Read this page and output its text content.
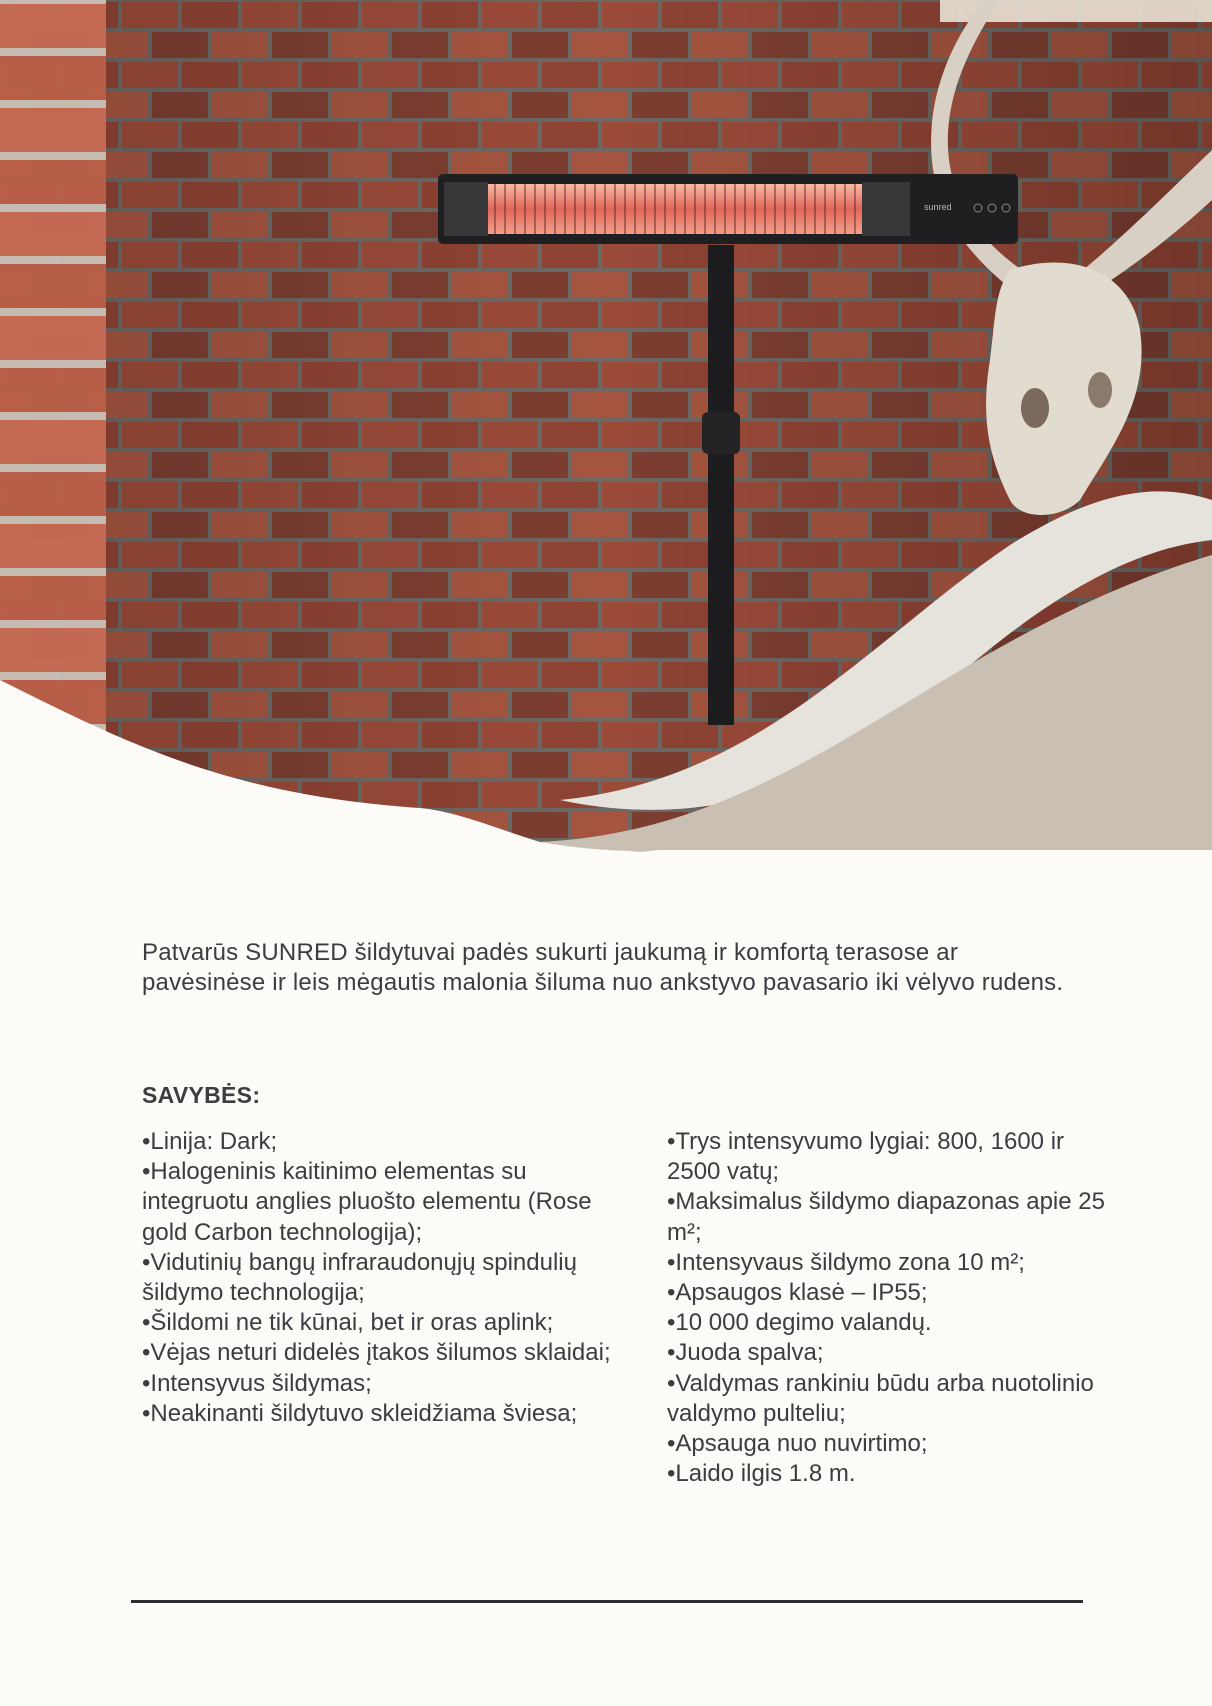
sunred

Patvarūs SUNRED šildytuvai padės sukurti jaukumą ir komfortą terasose ar pavėsinėse ir leis mėgautis malonia šiluma nuo ankstyvo pavasario iki vėlyvo rudens.

SAVYBĖS:
• Linija: Dark;
• Halogeninis kaitinimo elementas su integruotu anglies pluošto elementu (Rose gold Carbon technologija);
• Vidutinių bangų infraraudonųjų spindulių šildymo technologija;
• Šildomi ne tik kūnai, bet ir oras aplink;
• Vėjas neturi didelės įtakos šilumos sklaidai;
• Intensyvus šildymas;
• Neakinanti šildytuvo skleidžiama šviesa;
• Trys intensyvumo lygiai: 800, 1600 ir 2500 vatų;
• Maksimalus šildymo diapazonas apie 25 m²;
• Intensyvaus šildymo zona 10 m²;
• Apsaugos klasė – IP55;
• 10 000 degimo valandų.
• Juoda spalva;
• Valdymas rankiniu būdu arba nuotolinio valdymo pulteliu;
• Apsauga nuo nuvirtimo;
• Laido ilgis 1.8 m.
